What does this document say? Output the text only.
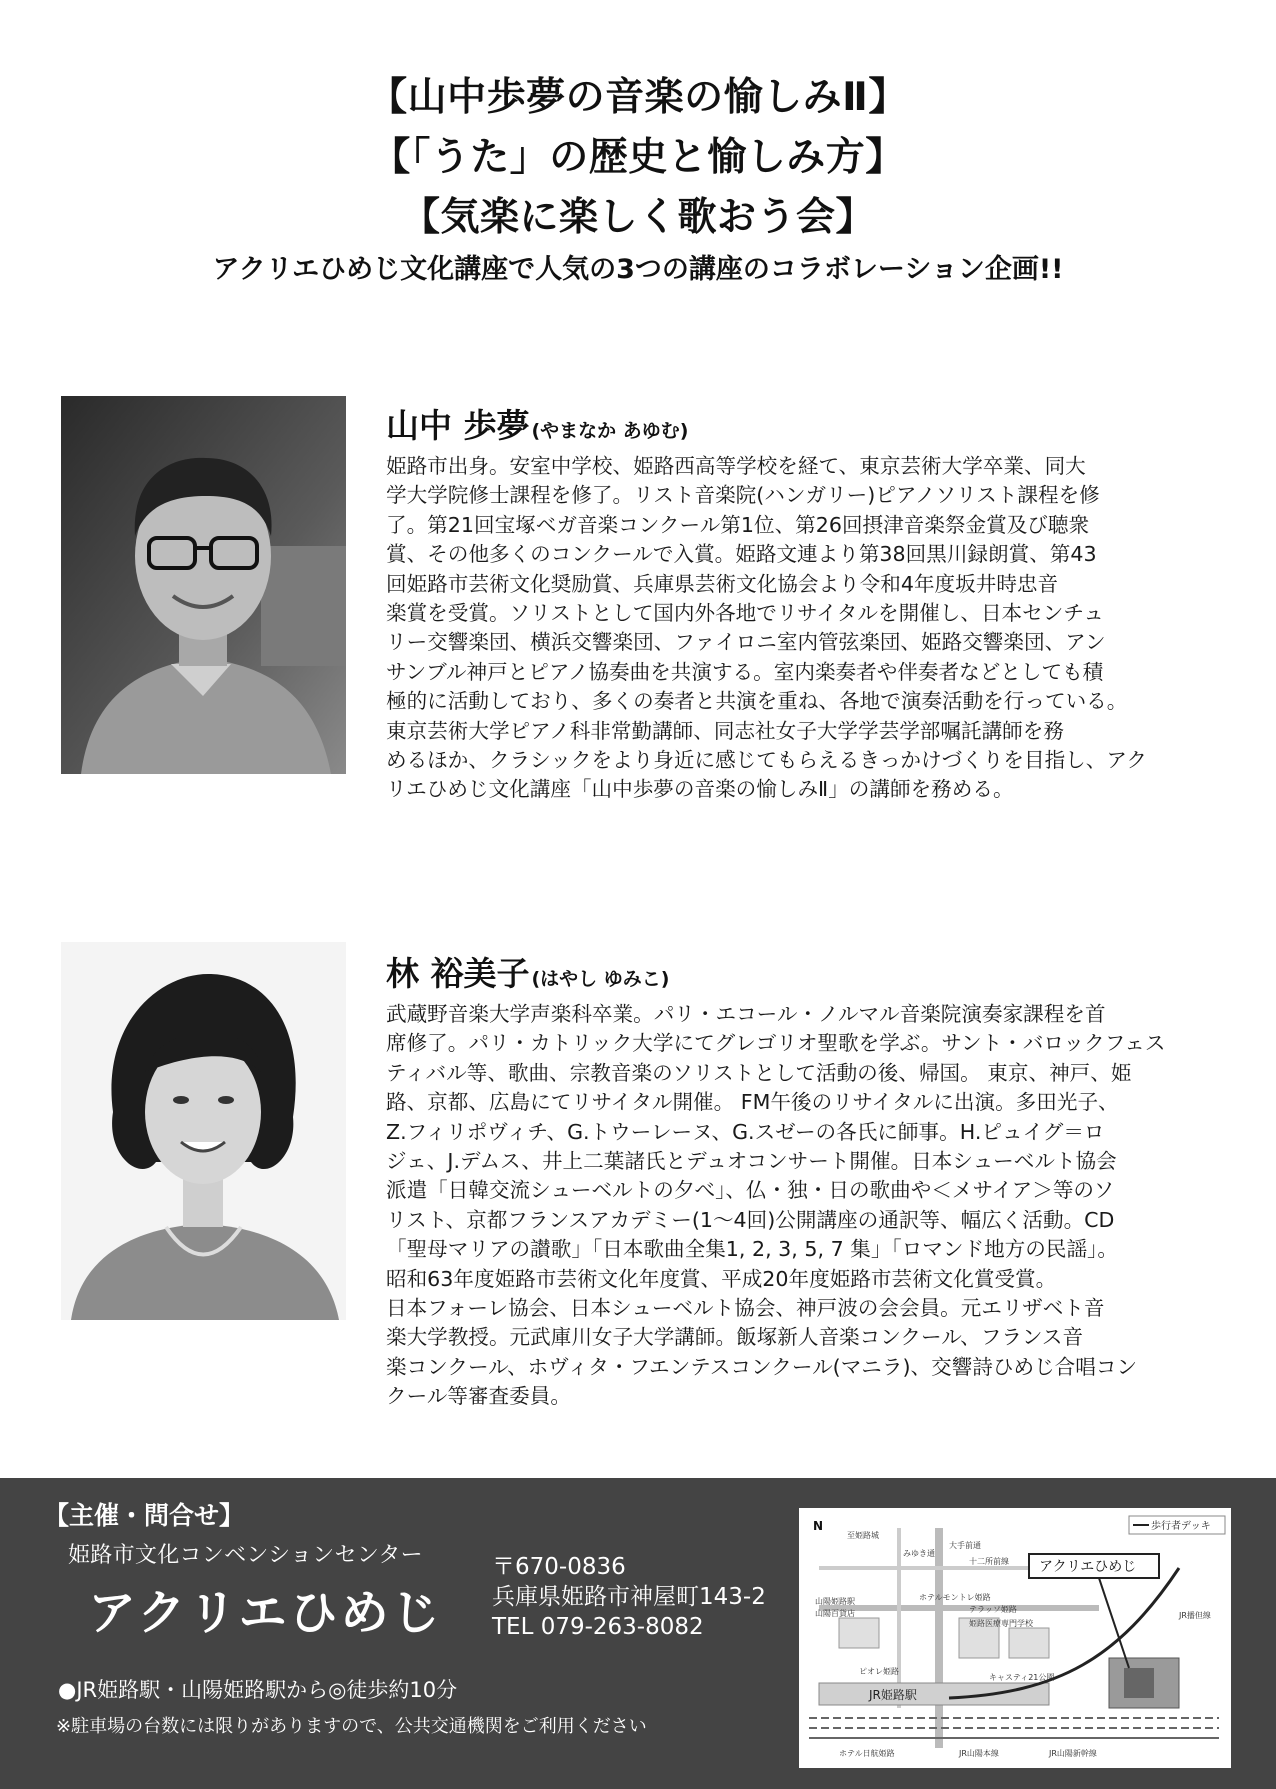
【山中歩夢の音楽の愉しみⅡ】
【「うた」の歴史と愉しみ方】
【気楽に楽しく歌おう会】
アクリエひめじ文化講座で人気の3つの講座のコラボレーション企画!!
山中 歩夢 (やまなか あゆむ)
姫路市出身。安室中学校、姫路西高等学校を経て、東京芸術大学卒業、同大
学大学院修士課程を修了。リスト音楽院(ハンガリー)ピアノソリスト課程を修
了。第21回宝塚ベガ音楽コンクール第1位、第26回摂津音楽祭金賞及び聴衆
賞、その他多くのコンクールで入賞。姫路文連より第38回黒川録朗賞、第43
回姫路市芸術文化奨励賞、兵庫県芸術文化協会より令和4年度坂井時忠音
楽賞を受賞。ソリストとして国内外各地でリサイタルを開催し、日本センチュ
リー交響楽団、横浜交響楽団、ファイロニ室内管弦楽団、姫路交響楽団、アン
サンブル神戸とピアノ協奏曲を共演する。室内楽奏者や伴奏者などとしても積
極的に活動しており、多くの奏者と共演を重ね、各地で演奏活動を行っている。
東京芸術大学ピアノ科非常勤講師、同志社女子大学学芸学部嘱託講師を務
めるほか、クラシックをより身近に感じてもらえるきっかけづくりを目指し、アク
リエひめじ文化講座「山中歩夢の音楽の愉しみⅡ」の講師を務める。
林 裕美子 (はやし ゆみこ)
武蔵野音楽大学声楽科卒業。パリ・エコール・ノルマル音楽院演奏家課程を首
席修了。パリ・カトリック大学にてグレゴリオ聖歌を学ぶ。サント・バロックフェス
ティバル等、歌曲、宗教音楽のソリストとして活動の後、帰国。 東京、神戸、姫
路、京都、広島にてリサイタル開催。 FM午後のリサイタルに出演。多田光子、
Z.フィリポヴィチ、G.トウーレーヌ、G.スゼーの各氏に師事。H.ピュイグ＝ロ
ジェ、J.デムス、井上二葉諸氏とデュオコンサート開催。日本シューベルト協会
派遣「日韓交流シューベルトの夕べ」、仏・独・日の歌曲や＜メサイア＞等のソ
リスト、京都フランスアカデミー(1～4回)公開講座の通訳等、幅広く活動。CD
「聖母マリアの讃歌」「日本歌曲全集1, 2, 3, 5, 7 集」「ロマンド地方の民謡」。
昭和63年度姫路市芸術文化年度賞、平成20年度姫路市芸術文化賞受賞。
日本フォーレ協会、日本シューベルト協会、神戸波の会会員。元エリザベト音
楽大学教授。元武庫川女子大学講師。飯塚新人音楽コンクール、フランス音
楽コンクール、ホヴィタ・フエンテスコンクール(マニラ)、交響詩ひめじ合唱コン
クール等審査委員。
【主催・問合せ】
姫路市文化コンベンションセンター
アクリエひめじ
〒670-0836
兵庫県姫路市神屋町143-2
TEL 079-263-8082
●JR姫路駅・山陽姫路駅から◎徒歩約10分
※駐車場の台数には限りがありますので、公共交通機関をご利用ください
JR姫路駅
アクリエひめじ
歩行者デッキ
N
至姫路城
みゆき通
大手前通
十二所前線
山陽姫路駅
山陽百貨店
ホテルモントレ姫路
テラッソ姫路
姫路医療専門学校
ピオレ姫路
キャスティ21公園
ホテル日航姫路	JR山陽本線	JR山陽新幹線
JR播但線
